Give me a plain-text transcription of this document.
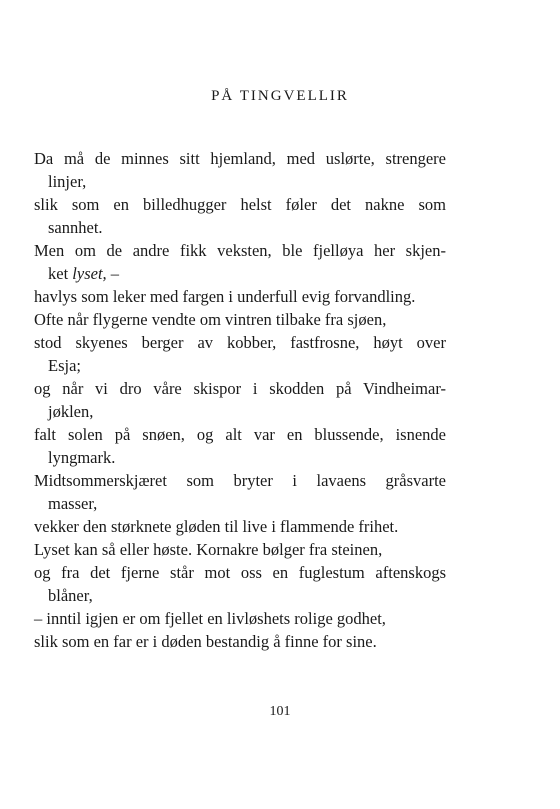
PÅ TINGVELLIR
Da må de minnes sitt hjemland, med uslørte, strengere
linjer,
slik som en billedhugger helst føler det nakne som
sannhet.
Men om de andre fikk veksten, ble fjelløya her skjen-
ket lyset, –
havlys som leker med fargen i underfull evig forvandling.
Ofte når flygerne vendte om vintren tilbake fra sjøen,
stod skyenes berger av kobber, fastfrosne, høyt over
Esja;
og når vi dro våre skispor i skodden på Vindheimar-
jøklen,
falt solen på snøen, og alt var en blussende, isnende
lyngmark.
Midtsommerskjæret som bryter i lavaens gråsvarte
masser,
vekker den størknete gløden til live i flammende frihet.
Lyset kan så eller høste. Kornakre bølger fra steinen,
og fra det fjerne står mot oss en fuglestum aftenskogs
blåner,
– inntil igjen er om fjellet en livløshets rolige godhet,
slik som en far er i døden bestandig å finne for sine.
101
